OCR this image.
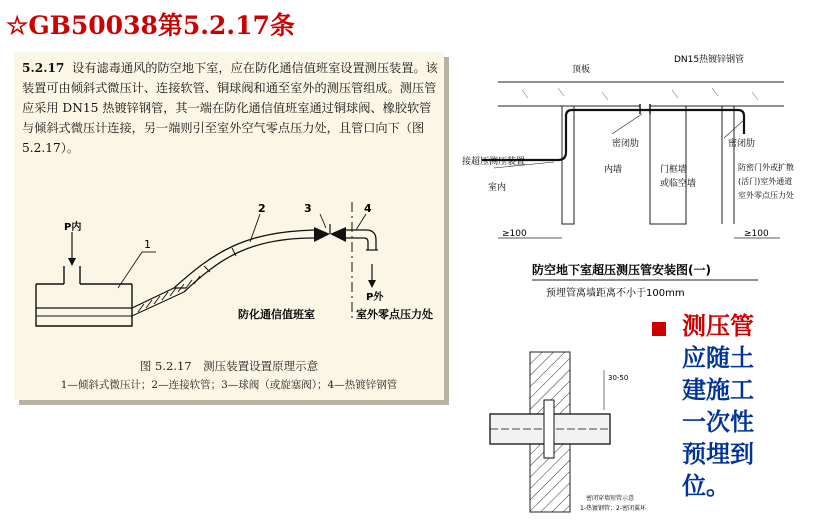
☆GB50038第5.2.17条
5.2.17 设有滤毒通风的防空地下室，应在防化通信值班室设置测压装置。该装置可由倾斜式微压计、连接软管、铜球阀和通至室外的测压管组成。测压管应采用 DN15 热镀锌钢管，其一端在防化通信值班室通过铜球阀、橡胶软管与倾斜式微压计连接，另一端则引至室外空气零点压力处，且管口向下（图 5.2.17）。
1
2	3	4
P内
P外
防化通信值班室	室外零点压力处
图 5.2.17　测压装置设置原理示意
1—倾斜式微压计；2—连接软管；3—球阀（或旋塞阀）；4—热镀锌钢管
顶板
DN15热镀锌钢管
密闭肋	密闭肋
接超压测压装置
室内
内墙	门框墙
或临空墙
防密门外或扩散
(活门)室外通道
室外零点压力处
≥100	≥100
防空地下室超压测压管安装图(一)
预埋管离墙距离不小于100mm
30-50
密闭穿墙短管示意
1-热镀钢管；2-密闭翼环
测压管
应随土
建施工
一次性
预埋到
位。
